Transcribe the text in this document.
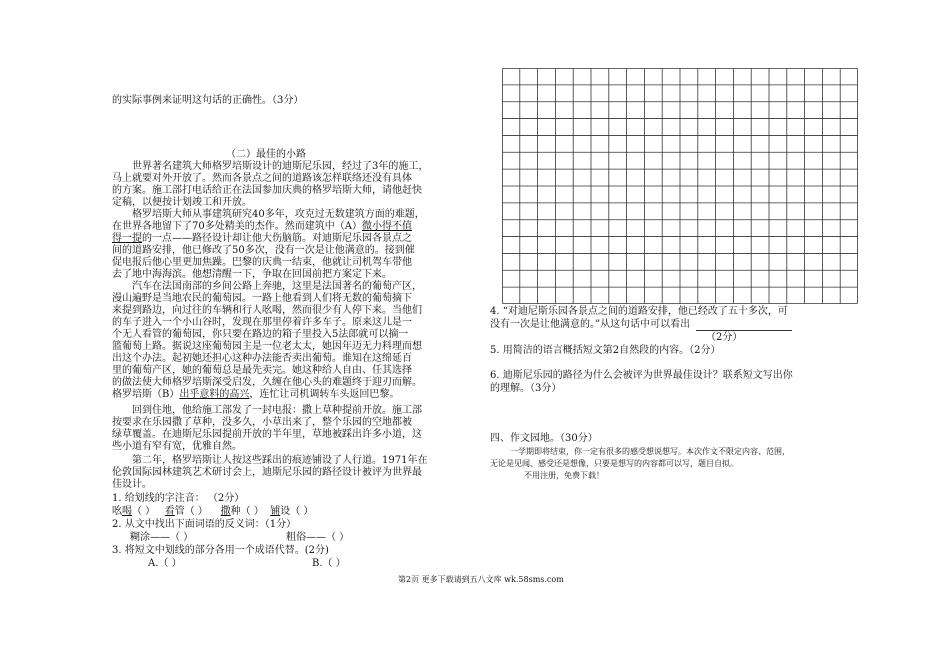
的实际事例来证明这句话的正确性。（3分）
（二）最佳的小路
世界著名建筑大师格罗培斯设计的迪斯尼乐园，经过了3年的施工，
马上就要对外开放了。然而各景点之间的道路该怎样联络还没有具体
的方案。施工部打电话给正在法国参加庆典的格罗培斯大师，请他赶快
定稿，以便按计划竣工和开放。
格罗培斯大师从事建筑研究40多年，攻克过无数建筑方面的难题，
在世界各地留下了70多处精美的杰作。然而建筑中（A）微小得不值
得一提的一点——路径设计却让他大伤脑筋。对迪斯尼乐园各景点之
间的道路安排，他已修改了50多次，没有一次是让他满意的。接到催
促电报后他心里更加焦躁。巴黎的庆典一结束，他就让司机驾车带他
去了地中海海滨。他想清醒一下，争取在回国前把方案定下来。
汽车在法国南部的乡间公路上奔驰，这里是法国著名的葡萄产区，
漫山遍野是当地农民的葡萄园。一路上他看到人们将无数的葡萄摘下
来提到路边，向过往的车辆和行人吆喝，然而很少有人停下来。当他们
的车子进入一个小山谷时，发现在那里停着许多车子。原来这儿是一
个无人看管的葡萄园，你只要在路边的箱子里投入5法郎就可以摘一
篮葡萄上路。据说这座葡萄园主是一位老太太，她因年迈无力料理而想
出这个办法。起初她还担心这种办法能否卖出葡萄。谁知在这绵延百
里的葡萄产区，她的葡萄总是最先卖完。她这种给人自由、任其选择
的做法使大师格罗培斯深受启发，久缠在他心头的难题终于迎刃而解。
格罗培斯（B）出乎意料的高兴，连忙让司机调转车头返回巴黎。
回到住地，他给施工部发了一封电报：撒上草种提前开放。施工部
按要求在乐园撒了草种，没多久，小草出来了，整个乐园的空地都被
绿草覆盖。在迪斯尼乐园提前开放的半年里，草地被踩出许多小道，这
些小道有窄有宽，优雅自然。
第二年，格罗培斯让人按这些踩出的痕迹铺设了人行道。1971年在
伦敦国际园林建筑艺术研讨会上，迪斯尼乐园的路径设计被评为世界最
佳设计。
1. 给划线的字注音： （2分）
吆喝（ ） 看管（ ） 撒种（ ） 铺设（ ）
2. 从文中找出下面词语的反义词：（1分）
糊涂——（ ）	粗俗——（ ）
3. 将短文中划线的部分各用一个成语代替。(2分)
A.（ ）	B.（ ）
4. “对迪尼斯乐园各景点之间的道路安排，他已经改了五十多次，可
没有一次是让他满意的。”从这句话中可以看出
（2分）
5. 用简洁的语言概括短文第2自然段的内容。（2分）
6. 迪斯尼乐园的路径为什么会被评为世界最佳设计？联系短文写出你
的理解。（3分）
四、作文园地。（30分）
一学期即将结束，你一定有很多的感受想说想写。本次作文不限定内容、范围，
无论是见闻、感受还是想像，只要是想写的内容都可以写，题目自拟。
不用注册，免费下载！
第2页 更多下载请到五八文库 wk.58sms.com
